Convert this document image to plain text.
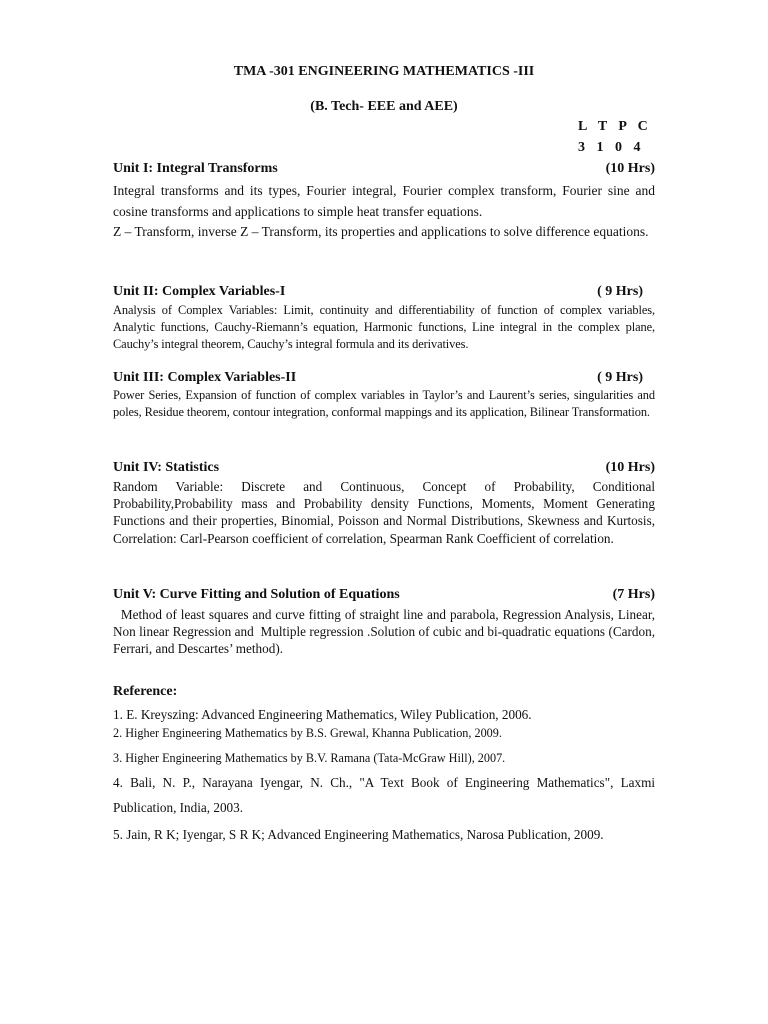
TMA -301 ENGINEERING MATHEMATICS -III
(B. Tech- EEE and AEE)
L T P C
3 1 0 4
Unit I: Integral Transforms	(10 Hrs)

Integral transforms and its types, Fourier integral, Fourier complex transform, Fourier sine and cosine transforms and applications to simple heat transfer equations.

Z – Transform, inverse Z – Transform, its properties and applications to solve difference equations.

Unit II: Complex Variables-I	( 9 Hrs)

Analysis of Complex Variables: Limit, continuity and differentiability of function of complex variables, Analytic functions, Cauchy-Riemann’s equation, Harmonic functions, Line integral in the complex plane, Cauchy’s integral theorem, Cauchy’s integral formula and its derivatives.

Unit III: Complex Variables-II	( 9 Hrs)

Power Series, Expansion of function of complex variables in Taylor’s and Laurent’s series, singularities and poles, Residue theorem, contour integration, conformal mappings and its application, Bilinear Transformation.

Unit IV: Statistics	(10 Hrs)

Random Variable: Discrete and Continuous, Concept of Probability, Conditional Probability,Probability mass and Probability density Functions, Moments, Moment Generating Functions and their properties, Binomial, Poisson and Normal Distributions, Skewness and Kurtosis, Correlation: Carl-Pearson coefficient of correlation, Spearman Rank Coefficient of correlation.

Unit V: Curve Fitting and Solution of Equations	(7 Hrs)

Method of least squares and curve fitting of straight line and parabola, Regression Analysis, Linear, Non linear Regression and  Multiple regression .Solution of cubic and bi-quadratic equations (Cardon, Ferrari, and Descartes’ method).

Reference:

1. E. Kreyszing: Advanced Engineering Mathematics, Wiley Publication, 2006.

2. Higher Engineering Mathematics by B.S. Grewal, Khanna Publication, 2009.

3. Higher Engineering Mathematics by B.V. Ramana (Tata-McGraw Hill), 2007.

4. Bali, N. P., Narayana Iyengar, N. Ch., "A Text Book of Engineering Mathematics", Laxmi Publication, India, 2003.

5. Jain, R K; Iyengar, S R K; Advanced Engineering Mathematics, Narosa Publication, 2009.
